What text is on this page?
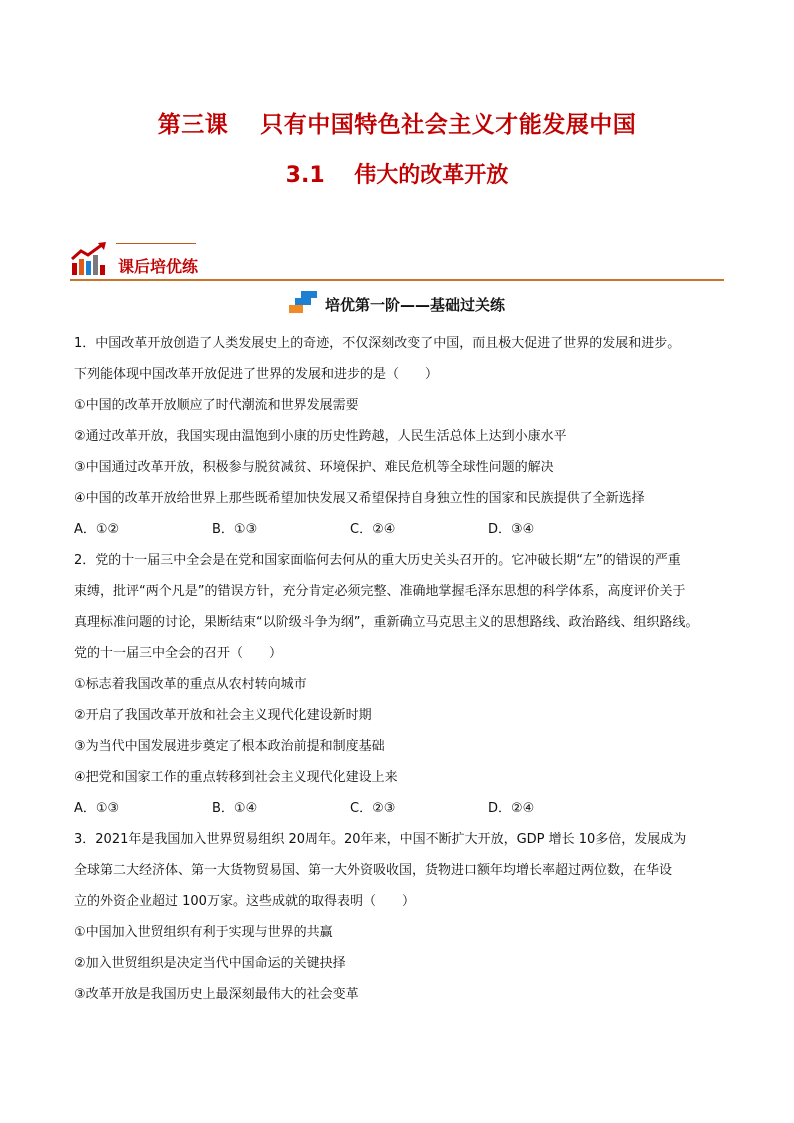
第三课　 只有中国特色社会主义才能发展中国
3.1　 伟大的改革开放
课后培优练
培优第一阶——基础过关练
1．中国改革开放创造了人类发展史上的奇迹，不仅深刻改变了中国，而且极大促进了世界的发展和进步。
下列能体现中国改革开放促进了世界的发展和进步的是（　　）
①中国的改革开放顺应了时代潮流和世界发展需要
②通过改革开放，我国实现由温饱到小康的历史性跨越，人民生活总体上达到小康水平
③中国通过改革开放，积极参与脱贫减贫、环境保护、难民危机等全球性问题的解决
④中国的改革开放给世界上那些既希望加快发展又希望保持自身独立性的国家和民族提供了全新选择
A．①②	B．①③	C．②④	D．③④
2．党的十一届三中全会是在党和国家面临何去何从的重大历史关头召开的。它冲破长期“左”的错误的严重
束缚，批评“两个凡是”的错误方针，充分肯定必须完整、准确地掌握毛泽东思想的科学体系，高度评价关于
真理标准问题的讨论，果断结束“以阶级斗争为纲”，重新确立马克思主义的思想路线、政治路线、组织路线。
党的十一届三中全会的召开（　　）
①标志着我国改革的重点从农村转向城市
②开启了我国改革开放和社会主义现代化建设新时期
③为当代中国发展进步奠定了根本政治前提和制度基础
④把党和国家工作的重点转移到社会主义现代化建设上来
A．①③	B．①④	C．②③	D．②④
3．2021年是我国加入世界贸易组织 20周年。20年来，中国不断扩大开放，GDP 增长 10多倍，发展成为
全球第二大经济体、第一大货物贸易国、第一大外资吸收国，货物进口额年均增长率超过两位数，在华设
立的外资企业超过 100万家。这些成就的取得表明（　　）
①中国加入世贸组织有利于实现与世界的共赢
②加入世贸组织是决定当代中国命运的关键抉择
③改革开放是我国历史上最深刻最伟大的社会变革
